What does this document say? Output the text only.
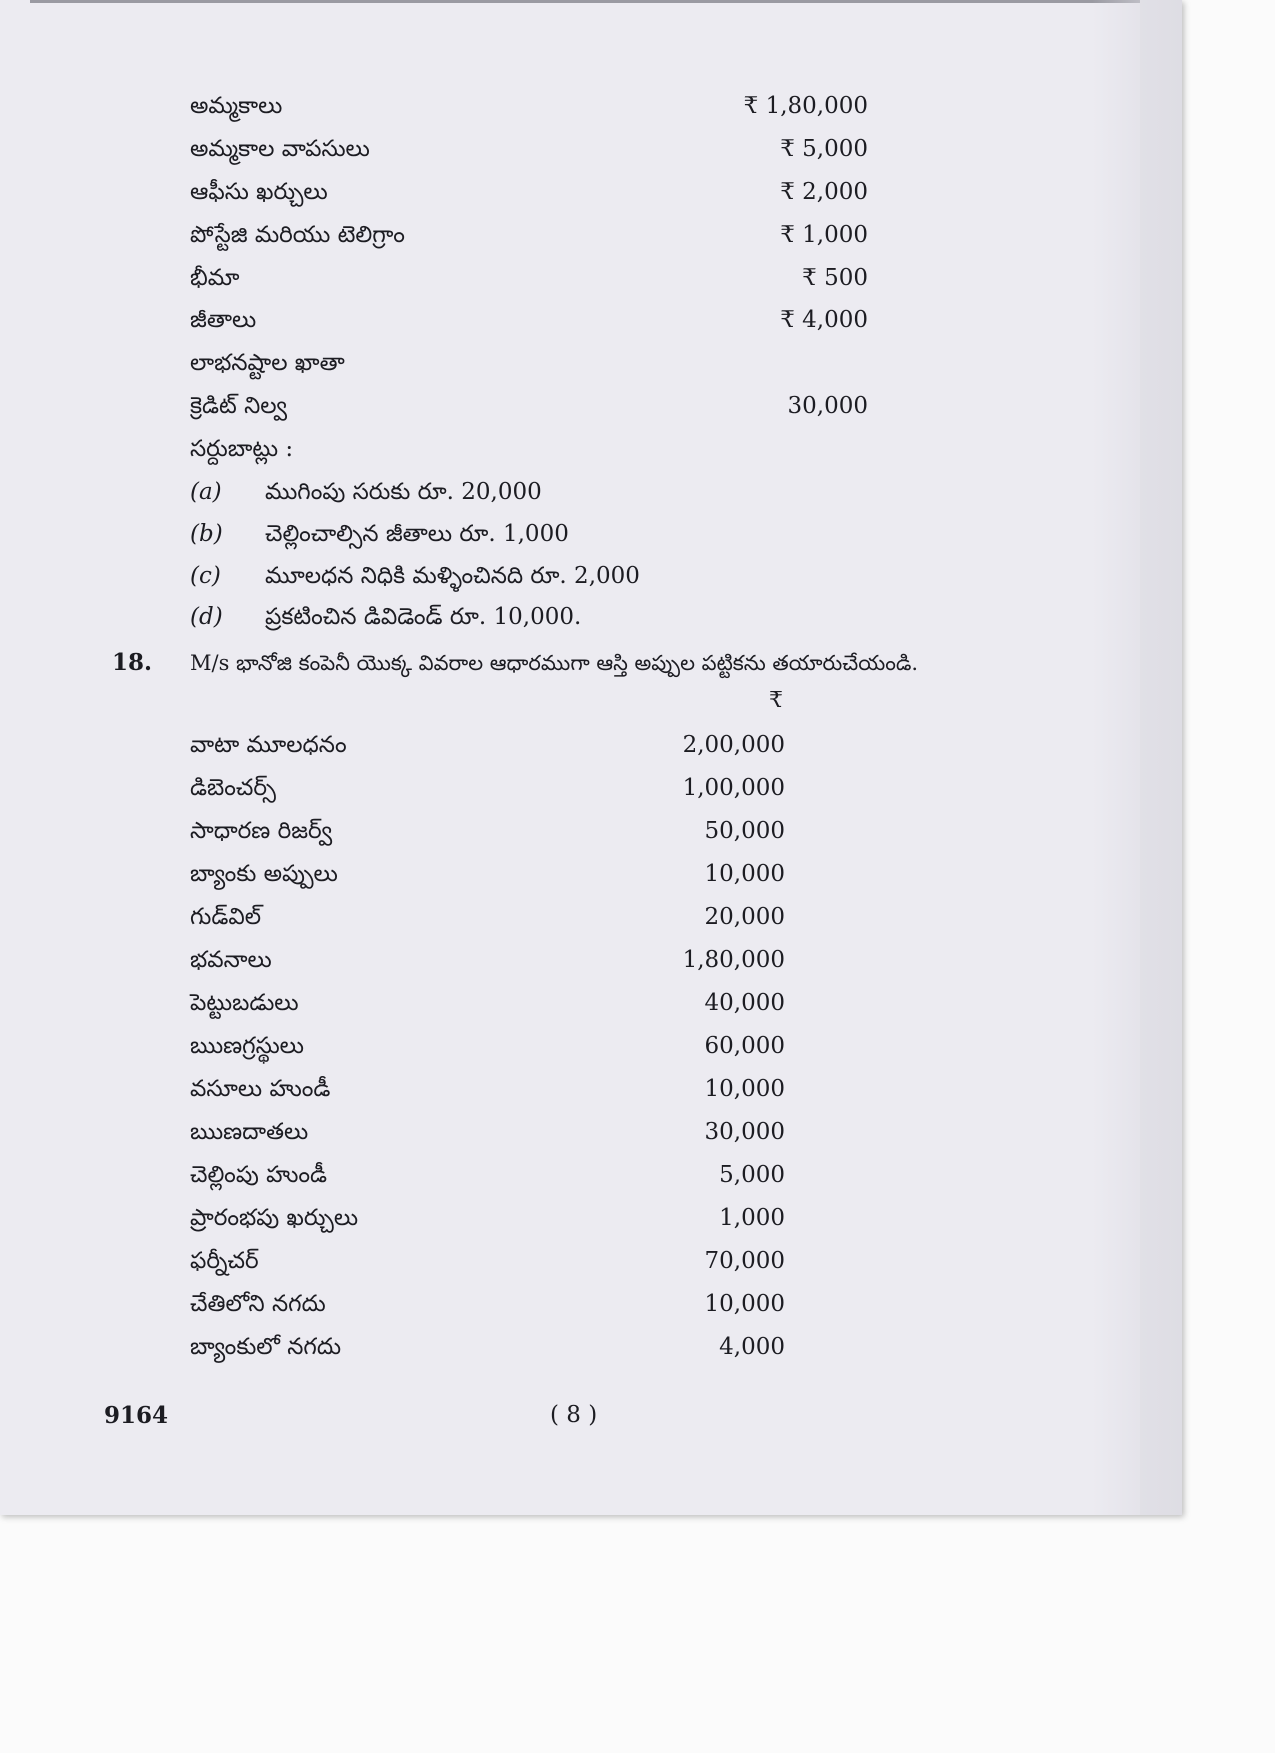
అమ్మకాలు	₹ 1,80,000
అమ్మకాల వాపసులు	₹ 5,000
ఆఫీసు ఖర్చులు	₹ 2,000
పోస్టేజి మరియు టెలిగ్రాం	₹ 1,000
భీమా	₹ 500
జీతాలు	₹ 4,000
లాభనష్టాల ఖాతా
క్రెడిట్ నిల్వ	30,000
సర్దుబాట్లు :
(a) ముగింపు సరుకు రూ. 20,000
(b) చెల్లించాల్సిన జీతాలు రూ. 1,000
(c) మూలధన నిధికి మళ్ళించినది రూ. 2,000
(d) ప్రకటించిన డివిడెండ్ రూ. 10,000.
18. M/s భానోజి కంపెనీ యొక్క వివరాల ఆధారముగా ఆస్తి అప్పుల పట్టికను తయారుచేయండి.
₹
వాటా మూలధనం	2,00,000
డిబెంచర్స్	1,00,000
సాధారణ రిజర్వ్	50,000
బ్యాంకు అప్పులు	10,000
గుడ్‌విల్	20,000
భవనాలు	1,80,000
పెట్టుబడులు	40,000
ఋణగ్రస్థులు	60,000
వసూలు హుండీ	10,000
ఋణదాతలు	30,000
చెల్లింపు హుండీ	5,000
ప్రారంభపు ఖర్చులు	1,000
ఫర్నీచర్	70,000
చేతిలోని నగదు	10,000
బ్యాంకులో నగదు	4,000
9164	( 8 )
